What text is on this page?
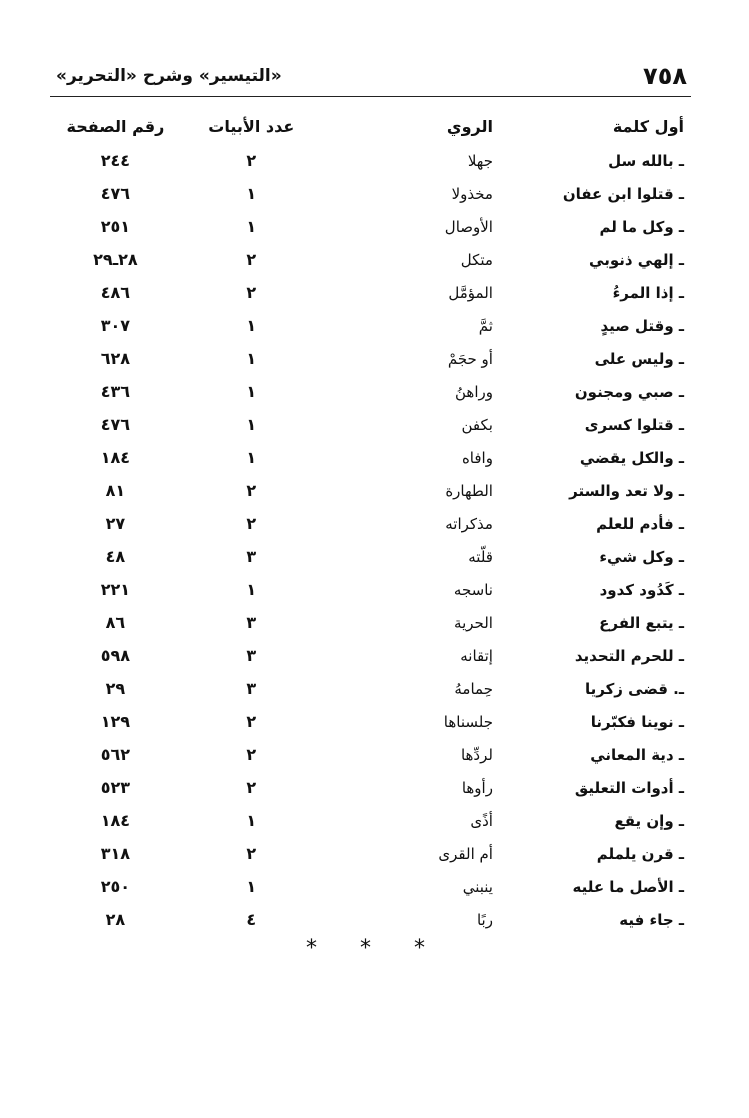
٧٥٨
«التيسير» وشرح «التحرير»
أول كلمة	الروي	عدد الأبيات	رقم الصفحة
ـ بالله سل	جهلا	٢	٢٤٤
ـ قتلوا ابن عفان	مخذولا	١	٤٧٦
ـ وكل ما لم	الأوصال	١	٢٥١
ـ إلهي ذنوبي	متكل	٢	٢٨ـ٢٩
ـ إذا المرءُ	المؤمَّل	٢	٤٨٦
ـ وقتل صيدٍ	ثمَّ	١	٣٠٧
ـ وليس على	أو حجَمْ	١	٦٢٨
ـ صبي ومجنون	وراهنُ	١	٤٣٦
ـ قتلوا كسرى	بكفن	١	٤٧٦
ـ والكل يقضي	وافاه	١	١٨٤
ـ ولا تعد والستر	الطهارة	٢	٨١
ـ فأدم للعلم	مذكراته	٢	٢٧
ـ وكل شيء	قلّته	٣	٤٨
ـ كَدُود كدود	ناسجه	١	٢٢١
ـ يتبع الفرع	الحرية	٣	٨٦
ـ للحرم التحديد	إتقانه	٣	٥٩٨
ـ. قضى زكريا	حِمامهُ	٣	٢٩
ـ نوينا فكبّرنا	جلسناها	٢	١٢٩
ـ دية المعاني	لردِّها	٢	٥٦٢
ـ أدوات التعليق	رأوها	٢	٥٢٣
ـ وإن يقع	أذًى	١	١٨٤
ـ قرن يلملم	أم القرى	٢	٣١٨
ـ الأصل ما عليه	ينبني	١	٢٥٠
ـ جاء فيه	ربًا	٤	٢٨
* * *
